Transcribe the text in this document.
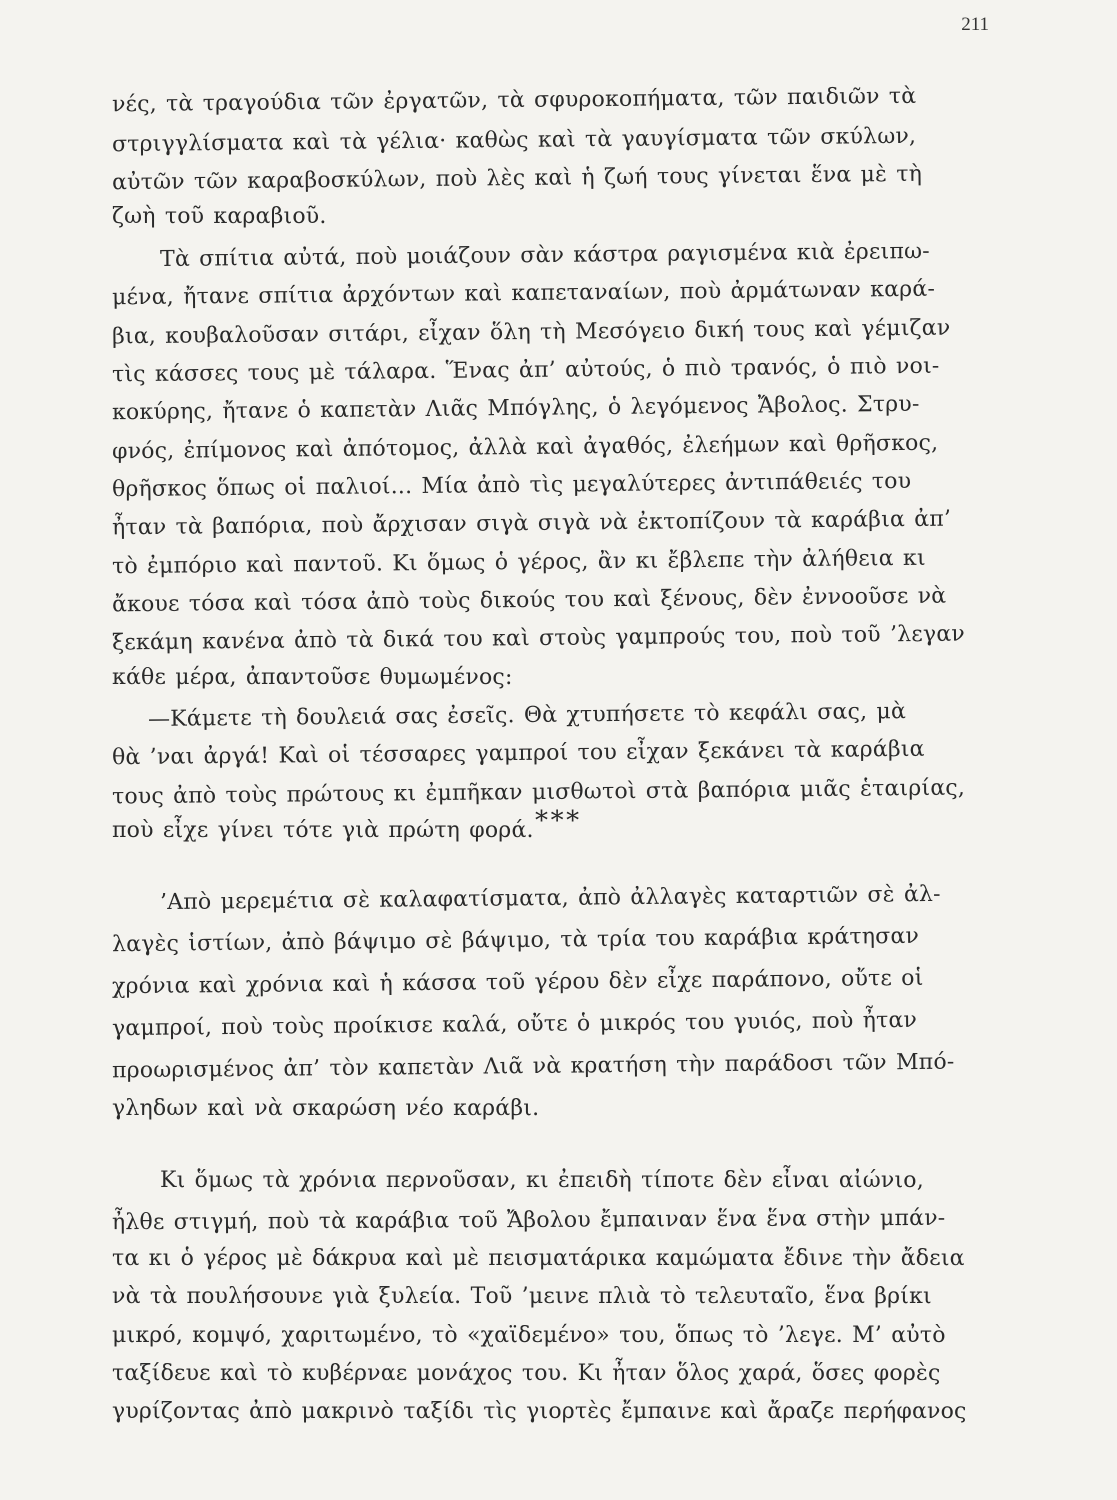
211
νές, τὰ τραγούδια τῶν ἐργατῶν, τὰ σφυροκοπήματα, τῶν παιδιῶν τὰ
στριγγλίσματα καὶ τὰ γέλια· καθὼς καὶ τὰ γαυγίσματα τῶν σκύλων,
αὐτῶν τῶν καραβοσκύλων, ποὺ λὲς καὶ ἡ ζωή τους γίνεται ἕνα μὲ τὴ
ζωὴ τοῦ καραβιοῦ.
Τὰ σπίτια αὐτά, ποὺ μοιάζουν σὰν κάστρα ραγισμένα κιὰ ἐρειπω-
μένα, ἤτανε σπίτια ἀρχόντων καὶ καπεταναίων, ποὺ ἀρμάτωναν καρά-
βια, κουβαλοῦσαν σιτάρι, εἶχαν ὅλη τὴ Μεσόγειο δική τους καὶ γέμιζαν
τὶς κάσσες τους μὲ τάλαρα. Ἕνας ἀπ’ αὐτούς, ὁ πιὸ τρανός, ὁ πιὸ νοι-
κοκύρης, ἤτανε ὁ καπετὰν Λιᾶς Μπόγλης, ὁ λεγόμενος Ἄβολος. Στρυ-
φνός, ἐπίμονος καὶ ἀπότομος, ἀλλὰ καὶ ἀγαθός, ἐλεήμων καὶ θρῆσκος,
θρῆσκος ὅπως οἱ παλιοί... Μία ἀπὸ τὶς μεγαλύτερες ἀντιπάθειές του
ἦταν τὰ βαπόρια, ποὺ ἄρχισαν σιγὰ σιγὰ νὰ ἐκτοπίζουν τὰ καράβια ἀπ’
τὸ ἐμπόριο καὶ παντοῦ. Κι ὅμως ὁ γέρος, ἂν κι ἔβλεπε τὴν ἀλήθεια κι
ἄκουε τόσα καὶ τόσα ἀπὸ τοὺς δικούς του καὶ ξένους, δὲν ἐννοοῦσε νὰ
ξεκάμη κανένα ἀπὸ τὰ δικά του καὶ στοὺς γαμπρούς του, ποὺ τοῦ ’λεγαν
κάθε μέρα, ἀπαντοῦσε θυμωμένος:
—Κάμετε τὴ δουλειά σας ἐσεῖς. Θὰ χτυπήσετε τὸ κεφάλι σας, μὰ
θὰ ’ναι ἀργά! Καὶ οἱ τέσσαρες γαμπροί του εἶχαν ξεκάνει τὰ καράβια
τους ἀπὸ τοὺς πρώτους κι ἐμπῆκαν μισθωτοὶ στὰ βαπόρια μιᾶς ἑταιρίας,
ποὺ εἶχε γίνει τότε γιὰ πρώτη φορά. * * *
’Απὸ μερεμέτια σὲ καλαφατίσματα, ἀπὸ ἀλλαγὲς καταρτιῶν σὲ ἀλ-
λαγὲς ἱστίων, ἀπὸ βάψιμο σὲ βάψιμο, τὰ τρία του καράβια κράτησαν
χρόνια καὶ χρόνια καὶ ἡ κάσσα τοῦ γέρου δὲν εἶχε παράπονο, οὔτε οἱ
γαμπροί, ποὺ τοὺς προίκισε καλά, οὔτε ὁ μικρός του γυιός, ποὺ ἦταν
προωρισμένος ἀπ’ τὸν καπετὰν Λιᾶ νὰ κρατήση τὴν παράδοσι τῶν Μπό-
γληδων καὶ νὰ σκαρώση νέο καράβι.
Κι ὅμως τὰ χρόνια περνοῦσαν, κι ἐπειδὴ τίποτε δὲν εἶναι αἰώνιο,
ἦλθε στιγμή, ποὺ τὰ καράβια τοῦ Ἄβολου ἔμπαιναν ἕνα ἕνα στὴν μπάν-
τα κι ὁ γέρος μὲ δάκρυα καὶ μὲ πεισματάρικα καμώματα ἔδινε τὴν ἄδεια
νὰ τὰ πουλήσουνε γιὰ ξυλεία. Τοῦ ’μεινε πλιὰ τὸ τελευταῖο, ἕνα βρίκι
μικρό, κομψό, χαριτωμένο, τὸ «χαϊδεμένο» του, ὅπως τὸ ’λεγε. Μ’ αὐτὸ
ταξίδευε καὶ τὸ κυβέρναε μονάχος του. Κι ἦταν ὅλος χαρά, ὅσες φορὲς
γυρίζοντας ἀπὸ μακρινὸ ταξίδι τὶς γιορτὲς ἔμπαινε καὶ ἄραζε περήφανος
